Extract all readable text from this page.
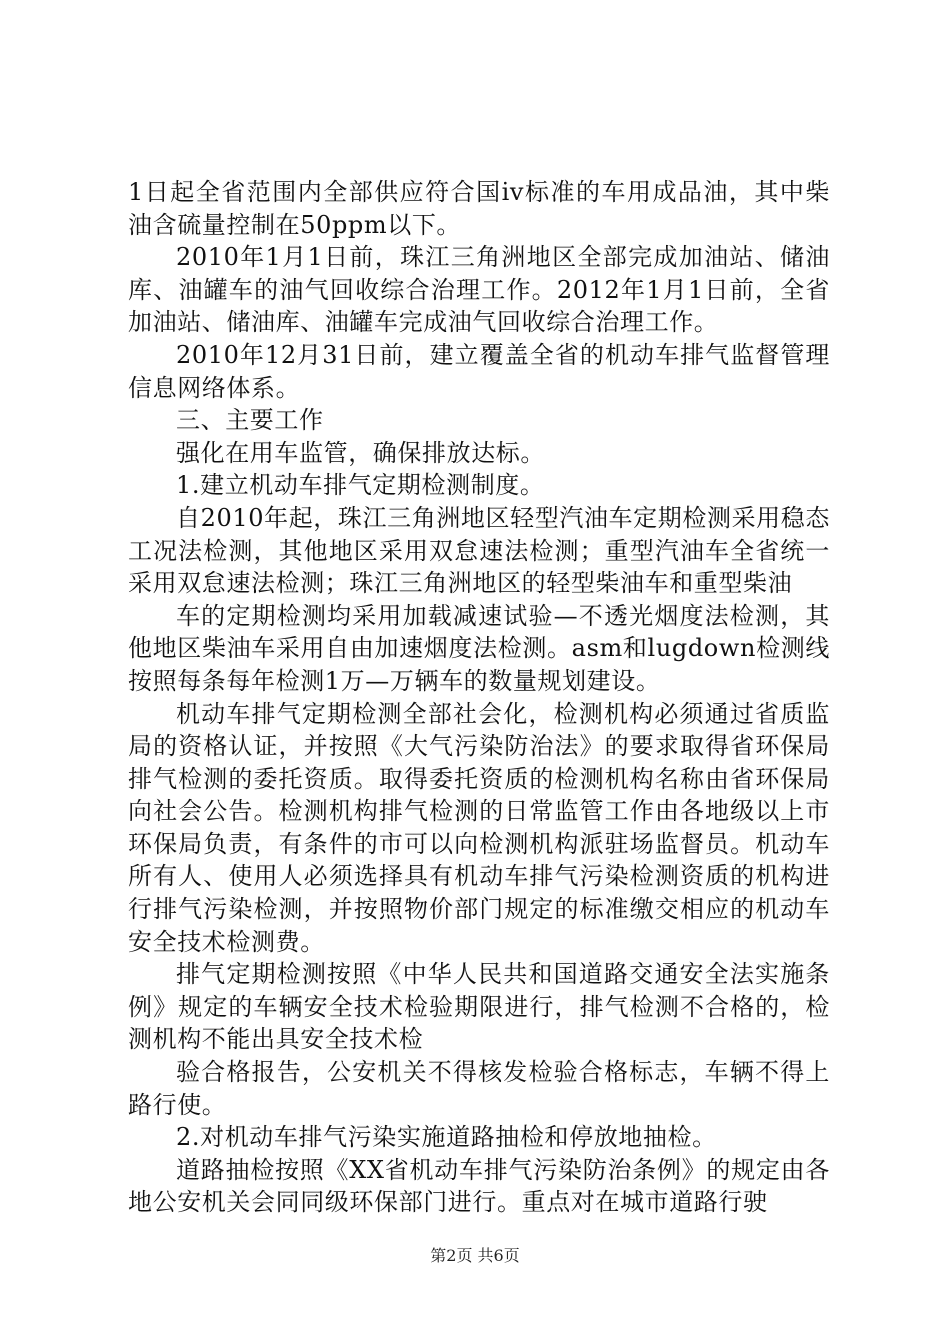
1日起全省范围内全部供应符合国iv标准的车用成品油，其中柴油含硫量控制在50ppm以下。

2010年1月1日前，珠江三角洲地区全部完成加油站、储油库、油罐车的油气回收综合治理工作。2012年1月1日前，全省加油站、储油库、油罐车完成油气回收综合治理工作。

2010年12月31日前，建立覆盖全省的机动车排气监督管理信息网络体系。

三、主要工作

强化在用车监管，确保排放达标。

1.建立机动车排气定期检测制度。

自2010年起，珠江三角洲地区轻型汽油车定期检测采用稳态工况法检测，其他地区采用双怠速法检测；重型汽油车全省统一采用双怠速法检测；珠江三角洲地区的轻型柴油车和重型柴油

车的定期检测均采用加载减速试验—不透光烟度法检测，其他地区柴油车采用自由加速烟度法检测。asm和lugdown检测线按照每条每年检测1万—万辆车的数量规划建设。

机动车排气定期检测全部社会化，检测机构必须通过省质监局的资格认证，并按照《大气污染防治法》的要求取得省环保局排气检测的委托资质。取得委托资质的检测机构名称由省环保局向社会公告。检测机构排气检测的日常监管工作由各地级以上市环保局负责，有条件的市可以向检测机构派驻场监督员。机动车所有人、使用人必须选择具有机动车排气污染检测资质的机构进行排气污染检测，并按照物价部门规定的标准缴交相应的机动车安全技术检测费。

排气定期检测按照《中华人民共和国道路交通安全法实施条例》规定的车辆安全技术检验期限进行，排气检测不合格的，检测机构不能出具安全技术检

验合格报告，公安机关不得核发检验合格标志，车辆不得上路行使。

2.对机动车排气污染实施道路抽检和停放地抽检。

道路抽检按照《XX省机动车排气污染防治条例》的规定由各地公安机关会同同级环保部门进行。重点对在城市道路行驶

第2页 共6页
